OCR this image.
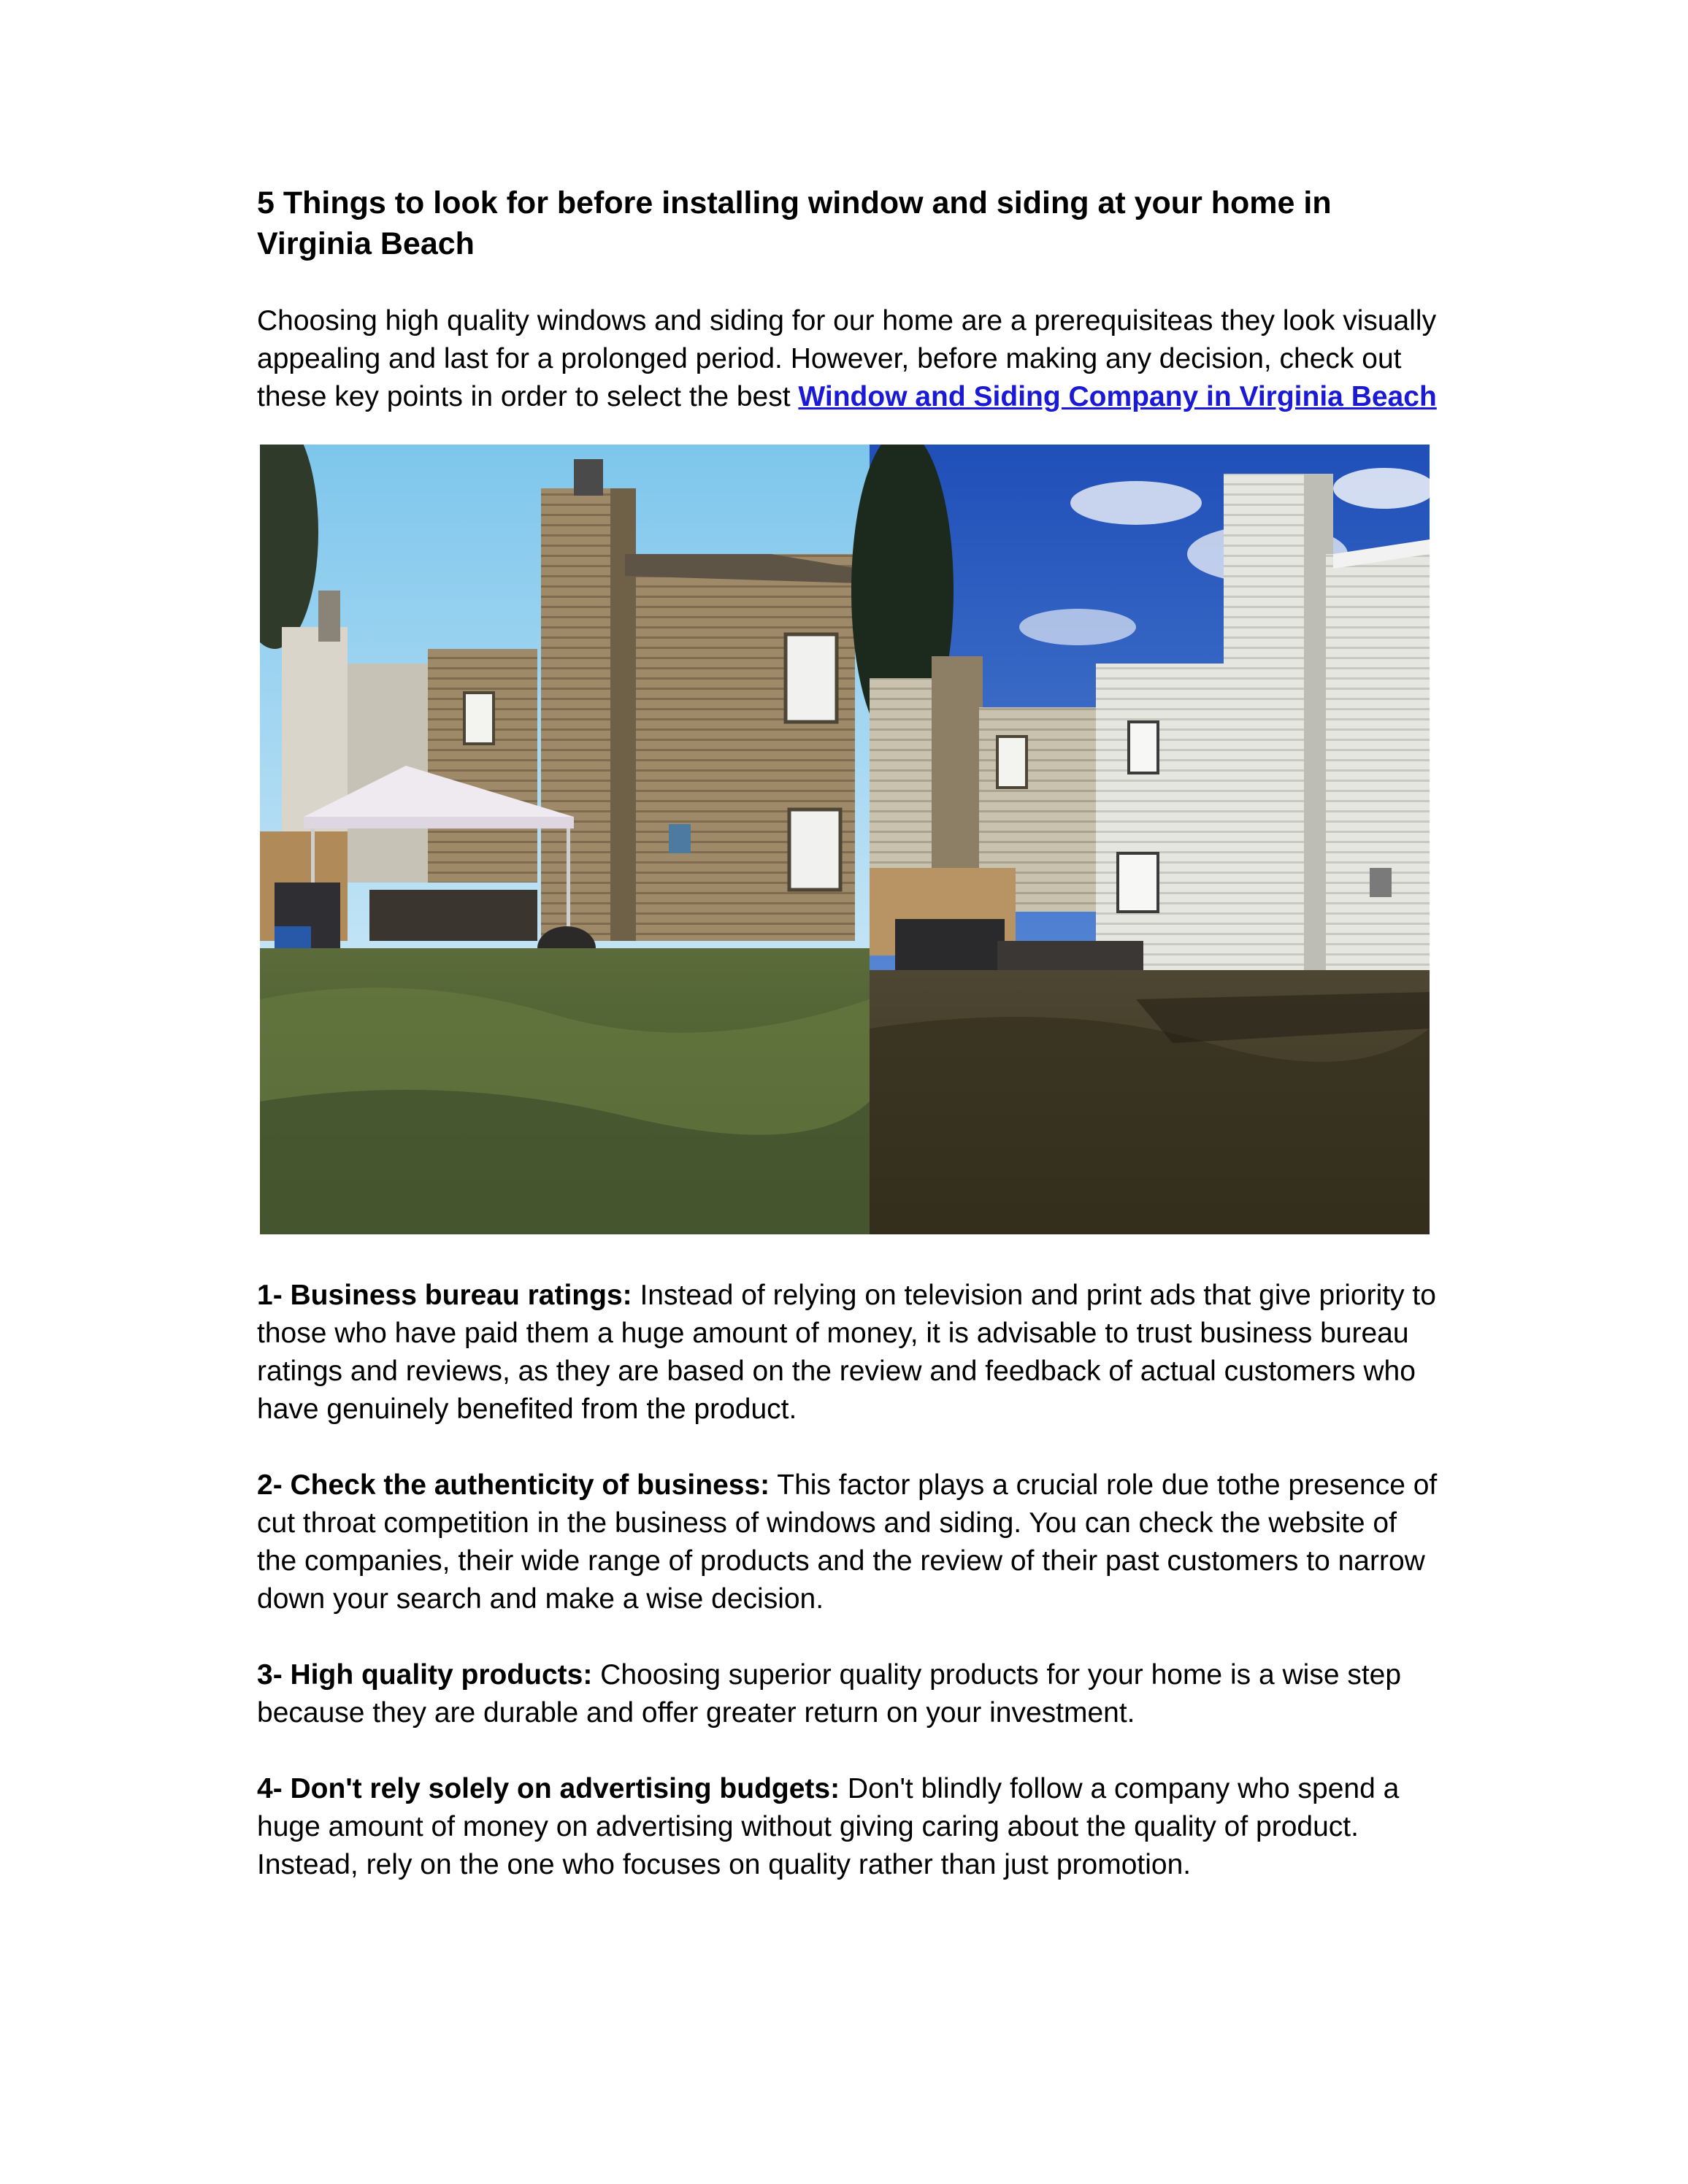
5 Things to look for before installing window and siding at your home in Virginia Beach

Choosing high quality windows and siding for our home are a prerequisiteas they look visually appealing and last for a prolonged period. However, before making any decision, check out these key points in order to select the best Window and Siding Company in Virginia Beach

1- Business bureau ratings: Instead of relying on television and print ads that give priority to those who have paid them a huge amount of money, it is advisable to trust business bureau ratings and reviews, as they are based on the review and feedback of actual customers who have genuinely benefited from the product.

2- Check the authenticity of business: This factor plays a crucial role due tothe presence of cut throat competition in the business of windows and siding. You can check the website of the companies, their wide range of products and the review of their past customers to narrow down your search and make a wise decision.

3- High quality products: Choosing superior quality products for your home is a wise step because they are durable and offer greater return on your investment.

4- Don't rely solely on advertising budgets: Don't blindly follow a company who spend a huge amount of money on advertising without giving caring about the quality of product. Instead, rely on the one who focuses on quality rather than just promotion.
